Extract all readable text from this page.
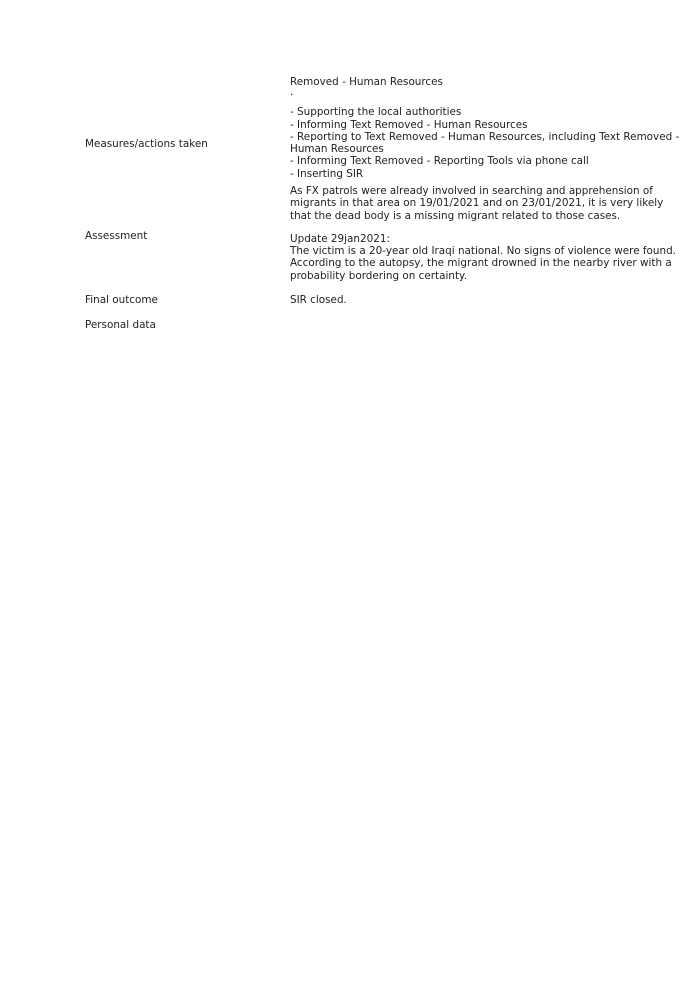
Measures/actions taken
Removed - Human Resources
.
- Supporting the local authorities
- Informing Text Removed - Human Resources
- Reporting to Text Removed - Human Resources, including Text Removed - Human Resources
- Informing Text Removed - Reporting Tools via phone call
- Inserting SIR
Assessment
As FX patrols were already involved in searching and apprehension of migrants in that area on 19/01/2021 and on 23/01/2021, it is very likely that the dead body is a missing migrant related to those cases.
Update 29jan2021:
The victim is a 20-year old Iraqi national. No signs of violence were found. According to the autopsy, the migrant drowned in the nearby river with a probability bordering on certainty.
Final outcome	SIR closed.
Personal data
